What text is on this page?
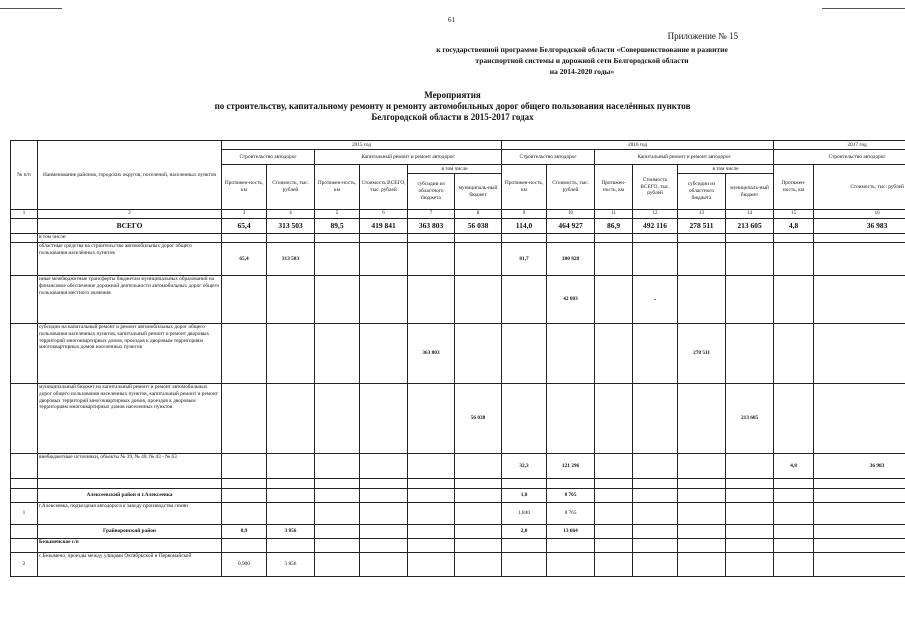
61
Приложение № 15
к государственной программе Белгородской области «Совершенствование и развитие
транспортной системы и дорожной сети Белгородской области
на 2014-2020 годы»
Мероприятия
по строительству, капитальному ремонту и ремонту автомобильных дорог общего пользования населённых пунктов
Белгородской области в 2015-2017 годах
№ п/п	Наименование районов, городских округов, поселений, населенных пунктов	2015 год						2016 год						2017 год	
		Строительство автодорог		Капитальный ремонт и ремонт автодорог				Строительство автодорог		Капитальный ремонт и ремонт автодорог				Строительство автодорог	
		Протяжен-ность, км	Стоимость, тыс. рублей	Протяжен-ность, км	Стоимость ВСЕГО, тыс. рублей	в том числе		Протяжен-ность, км	Стоимость, тыс. рублей	Протяжен-ность, км	Стоимость ВСЕГО, тыс. рублей	в том числе		Протяжен-ность, км	Стоимость, тыс. рублей
						субсидии из областного бюджета	муниципаль-ный бюджет					субсидии из областного бюджета	муниципаль-ный бюджет		
1	2	3	4	5	6	7	8	9	10	11	12	13	14	15	16
	ВСЕГО	65,4	313 503	89,5	419 841	363 803	56 038	114,0	464 927	86,9	492 116	278 511	213 605	4,8	36 983
	в том числе:														
	областные средства на строительство автомобильных дорог общего пользования населённых пунктов	65,4	313 503					81,7	300 828						
	иные межбюджетные трансферты бюджетам муниципальных образований на финансовое обеспечение дорожной деятельности автомобильных дорог общего пользования местного значения								42 803		-				
	субсидии на капитальный ремонт и ремонт автомобильных дорог общего пользования населенных пунктов, капитальный ремонт и ремонт дворовых территорий многоквартирных домов, проездов к дворовым территориям многоквартирных домов населенных пунктов					363 803						278 511			
	муниципальный бюджет на капитальный ремонт и ремонт автомобильных дорог общего пользования населенных пунктов, капитальный ремонт и ремонт дворовых территорий многоквартирных домов, проездов к дворовым территориям многоквартирных домов населенных пунктов						56 038						213 605		
	внебюджетные источники, объекты № 39, № 40, № 43 - № 63							32,3	121 296					4,8	36 983

	Алексеевский район и г.Алексеевка							1,8	8 765						
1	г.Алексеевка, подъездная автодорога к заводу производства семян							1,840	8 765						
	Грайворонский район	0,9	3 856					2,0	13 664						
	Безыменское с/п														
2	с.Безымено, проезды между улицами Октябрьской и Первомайской	0,900	3 856												
